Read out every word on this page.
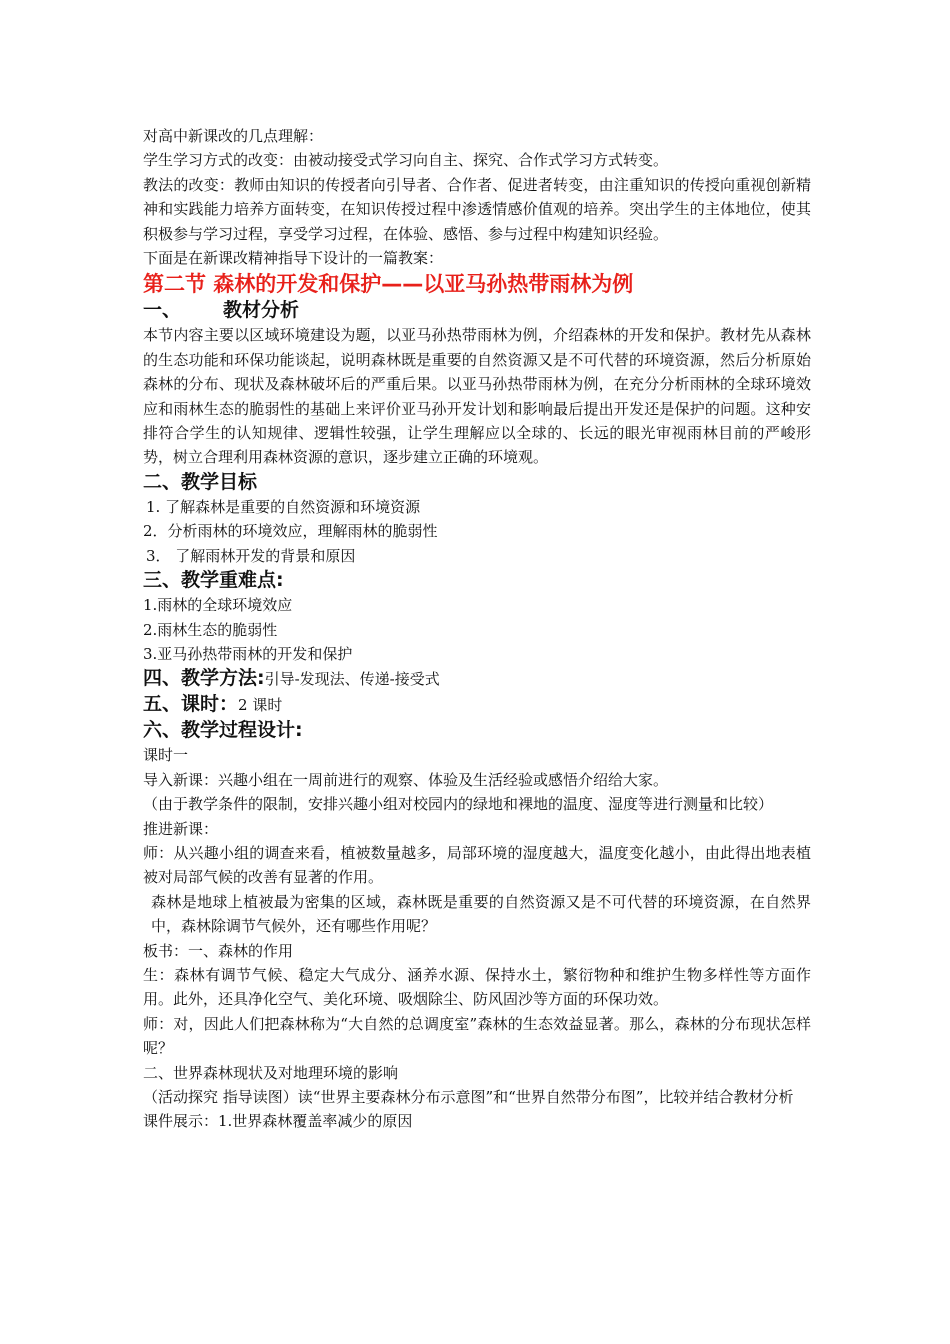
对高中新课改的几点理解：

学生学习方式的改变：由被动接受式学习向自主、探究、合作式学习方式转变。

教法的改变：教师由知识的传授者向引导者、合作者、促进者转变，由注重知识的传授向重视创新精神和实践能力培养方面转变，在知识传授过程中渗透情感价值观的培养。突出学生的主体地位，使其积极参与学习过程，享受学习过程，在体验、感悟、参与过程中构建知识经验。

下面是在新课改精神指导下设计的一篇教案：

第二节 森林的开发和保护——以亚马孙热带雨林为例

一、 教材分析

本节内容主要以区域环境建设为题，以亚马孙热带雨林为例，介绍森林的开发和保护。教材先从森林的生态功能和环保功能谈起，说明森林既是重要的自然资源又是不可代替的环境资源，然后分析原始森林的分布、现状及森林破坏后的严重后果。以亚马孙热带雨林为例，在充分分析雨林的全球环境效应和雨林生态的脆弱性的基础上来评价亚马孙开发计划和影响最后提出开发还是保护的问题。这种安排符合学生的认知规律、逻辑性较强，让学生理解应以全球的、长远的眼光审视雨林目前的严峻形势，树立合理利用森林资源的意识，逐步建立正确的环境观。

二、教学目标

1. 了解森林是重要的自然资源和环境资源

2．分析雨林的环境效应，理解雨林的脆弱性

3． 了解雨林开发的背景和原因

三、教学重难点:

1.雨林的全球环境效应

2.雨林生态的脆弱性

3.亚马孙热带雨林的开发和保护

四、教学方法:引导-发现法、传递-接受式

五、课时：2 课时

六、教学过程设计:

课时一

导入新课：兴趣小组在一周前进行的观察、体验及生活经验或感悟介绍给大家。

（由于教学条件的限制，安排兴趣小组对校园内的绿地和裸地的温度、湿度等进行测量和比较）

推进新课：

师：从兴趣小组的调查来看，植被数量越多，局部环境的湿度越大，温度变化越小，由此得出地表植被对局部气候的改善有显著的作用。

森林是地球上植被最为密集的区域，森林既是重要的自然资源又是不可代替的环境资源，在自然界中，森林除调节气候外，还有哪些作用呢？

板书：一、森林的作用

生：森林有调节气候、稳定大气成分、涵养水源、保持水土，繁衍物种和维护生物多样性等方面作用。此外，还具净化空气、美化环境、吸烟除尘、防风固沙等方面的环保功效。

师：对，因此人们把森林称为“大自然的总调度室”森林的生态效益显著。那么，森林的分布现状怎样呢？

二、世界森林现状及对地理环境的影响

（活动探究 指导读图）读“世界主要森林分布示意图”和“世界自然带分布图”，比较并结合教材分析

课件展示：1.世界森林覆盖率减少的原因
